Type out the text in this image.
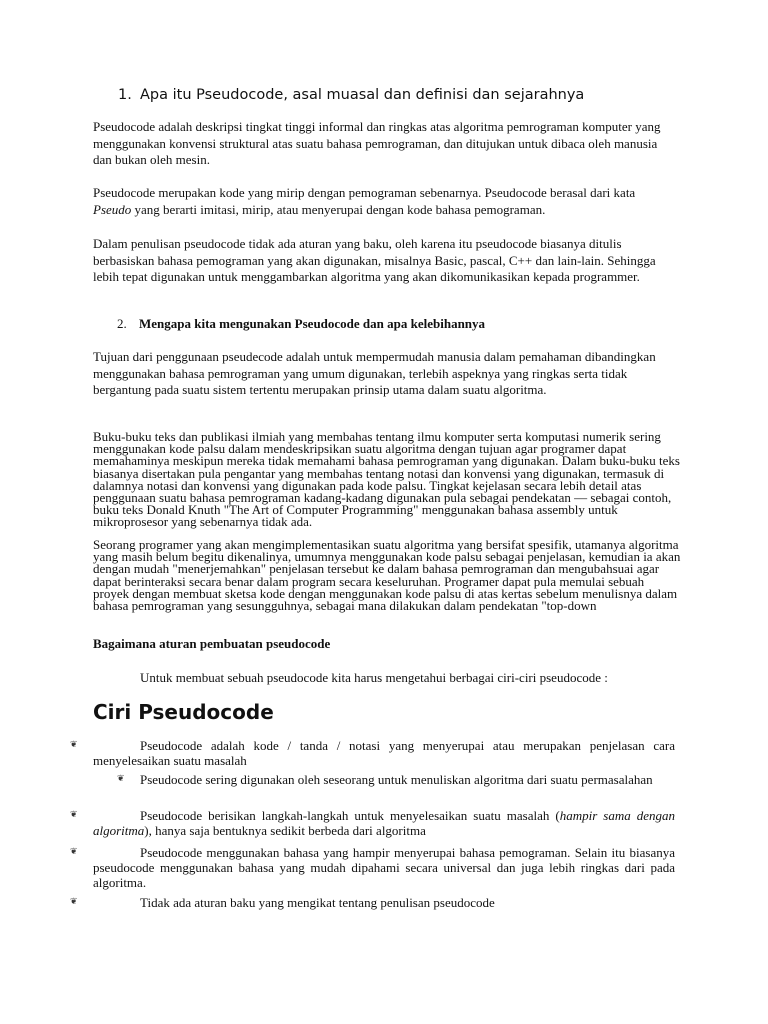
1. Apa itu Pseudocode, asal muasal dan definisi dan sejarahnya

Pseudocode adalah deskripsi tingkat tinggi informal dan ringkas atas algoritma pemrograman komputer yang menggunakan konvensi struktural atas suatu bahasa pemrograman, dan ditujukan untuk dibaca oleh manusia dan bukan oleh mesin.

Pseudocode merupakan kode yang mirip dengan pemograman sebenarnya. Pseudocode berasal dari kata Pseudo yang berarti imitasi, mirip, atau menyerupai dengan kode bahasa pemograman.

Dalam penulisan pseudocode tidak ada aturan yang baku, oleh karena itu pseudocode biasanya ditulis berbasiskan bahasa pemograman yang akan digunakan, misalnya Basic, pascal, C++ dan lain-lain. Sehingga lebih tepat digunakan untuk menggambarkan algoritma yang akan dikomunikasikan kepada programmer.

2. Mengapa kita mengunakan Pseudocode dan apa kelebihannya

Tujuan dari penggunaan pseudecode adalah untuk mempermudah manusia dalam pemahaman dibandingkan menggunakan bahasa pemrograman yang umum digunakan, terlebih aspeknya yang ringkas serta tidak bergantung pada suatu sistem tertentu merupakan prinsip utama dalam suatu algoritma.

Buku-buku teks dan publikasi ilmiah yang membahas tentang ilmu komputer serta komputasi numerik sering menggunakan kode palsu dalam mendeskripsikan suatu algoritma dengan tujuan agar programer dapat memahaminya meskipun mereka tidak memahami bahasa pemrograman yang digunakan. Dalam buku-buku teks biasanya disertakan pula pengantar yang membahas tentang notasi dan konvensi yang digunakan, termasuk di dalamnya notasi dan konvensi yang digunakan pada kode palsu. Tingkat kejelasan secara lebih detail atas penggunaan suatu bahasa pemrograman kadang-kadang digunakan pula sebagai pendekatan — sebagai contoh, buku teks Donald Knuth "The Art of Computer Programming" menggunakan bahasa assembly untuk mikroprosesor yang sebenarnya tidak ada.

Seorang programer yang akan mengimplementasikan suatu algoritma yang bersifat spesifik, utamanya algoritma yang masih belum begitu dikenalinya, umumnya menggunakan kode palsu sebagai penjelasan, kemudian ia akan dengan mudah "menerjemahkan" penjelasan tersebut ke dalam bahasa pemrograman dan mengubahsuai agar dapat berinteraksi secara benar dalam program secara keseluruhan. Programer dapat pula memulai sebuah proyek dengan membuat sketsa kode dengan menggunakan kode palsu di atas kertas sebelum menulisnya dalam bahasa pemrograman yang sesungguhnya, sebagai mana dilakukan dalam pendekatan "top-down

Bagaimana aturan pembuatan pseudocode
Untuk membuat sebuah pseudocode kita harus mengetahui berbagai ciri-ciri pseudocode :
Ciri Pseudocode
❦	Pseudocode adalah kode / tanda / notasi yang menyerupai atau merupakan penjelasan cara menyelesaikan suatu masalah

❦ Pseudocode sering digunakan oleh seseorang untuk menuliskan algoritma dari suatu permasalahan

❦	Pseudocode berisikan langkah-langkah untuk menyelesaikan suatu masalah (hampir sama dengan algoritma), hanya saja bentuknya sedikit berbeda dari algoritma

❦	Pseudocode menggunakan bahasa yang hampir menyerupai bahasa pemograman. Selain itu biasanya pseudocode menggunakan bahasa yang mudah dipahami secara universal dan juga lebih ringkas dari pada algoritma.

❦	Tidak ada aturan baku yang mengikat tentang penulisan pseudocode
